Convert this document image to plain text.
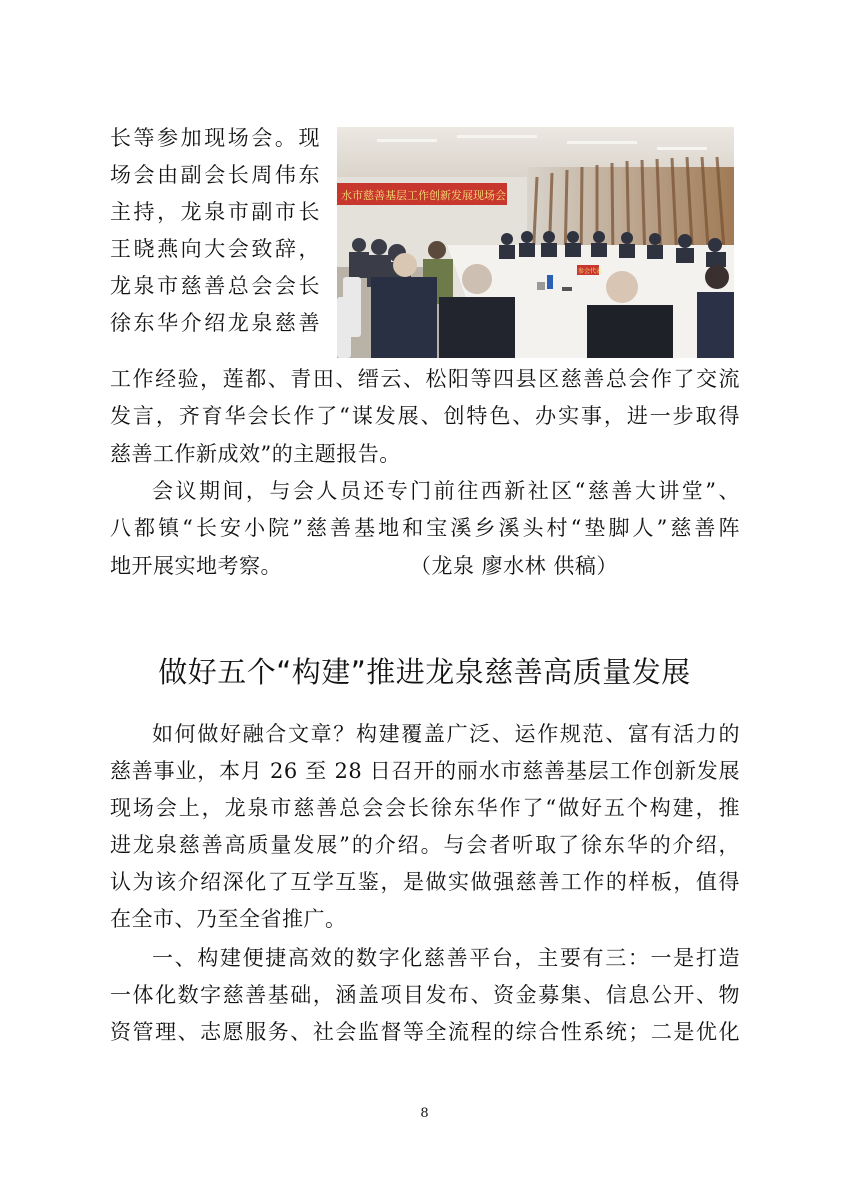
水市慈善基层工作创新发展现场会
参会代表
长等参加现场会。现
场会由副会长周伟东
主持，龙泉市副市长
王晓燕向大会致辞，
龙泉市慈善总会会长
徐东华介绍龙泉慈善
工作经验，莲都、青田、缙云、松阳等四县区慈善总会作了交流
发言，齐育华会长作了“谋发展、创特色、办实事，进一步取得
慈善工作新成效”的主题报告。
会议期间，与会人员还专门前往西新社区“慈善大讲堂”、
八都镇“长安小院”慈善基地和宝溪乡溪头村“垫脚人”慈善阵
地开展实地考察。	（龙泉 廖水林 供稿）
做好五个“构建”推进龙泉慈善高质量发展
如何做好融合文章？构建覆盖广泛、运作规范、富有活力的
慈善事业，本月 26 至 28 日召开的丽水市慈善基层工作创新发展
现场会上，龙泉市慈善总会会长徐东华作了“做好五个构建，推
进龙泉慈善高质量发展”的介绍。与会者听取了徐东华的介绍，
认为该介绍深化了互学互鉴，是做实做强慈善工作的样板，值得
在全市、乃至全省推广。
一、构建便捷高效的数字化慈善平台，主要有三：一是打造
一体化数字慈善基础，涵盖项目发布、资金募集、信息公开、物
资管理、志愿服务、社会监督等全流程的综合性系统；二是优化
8
